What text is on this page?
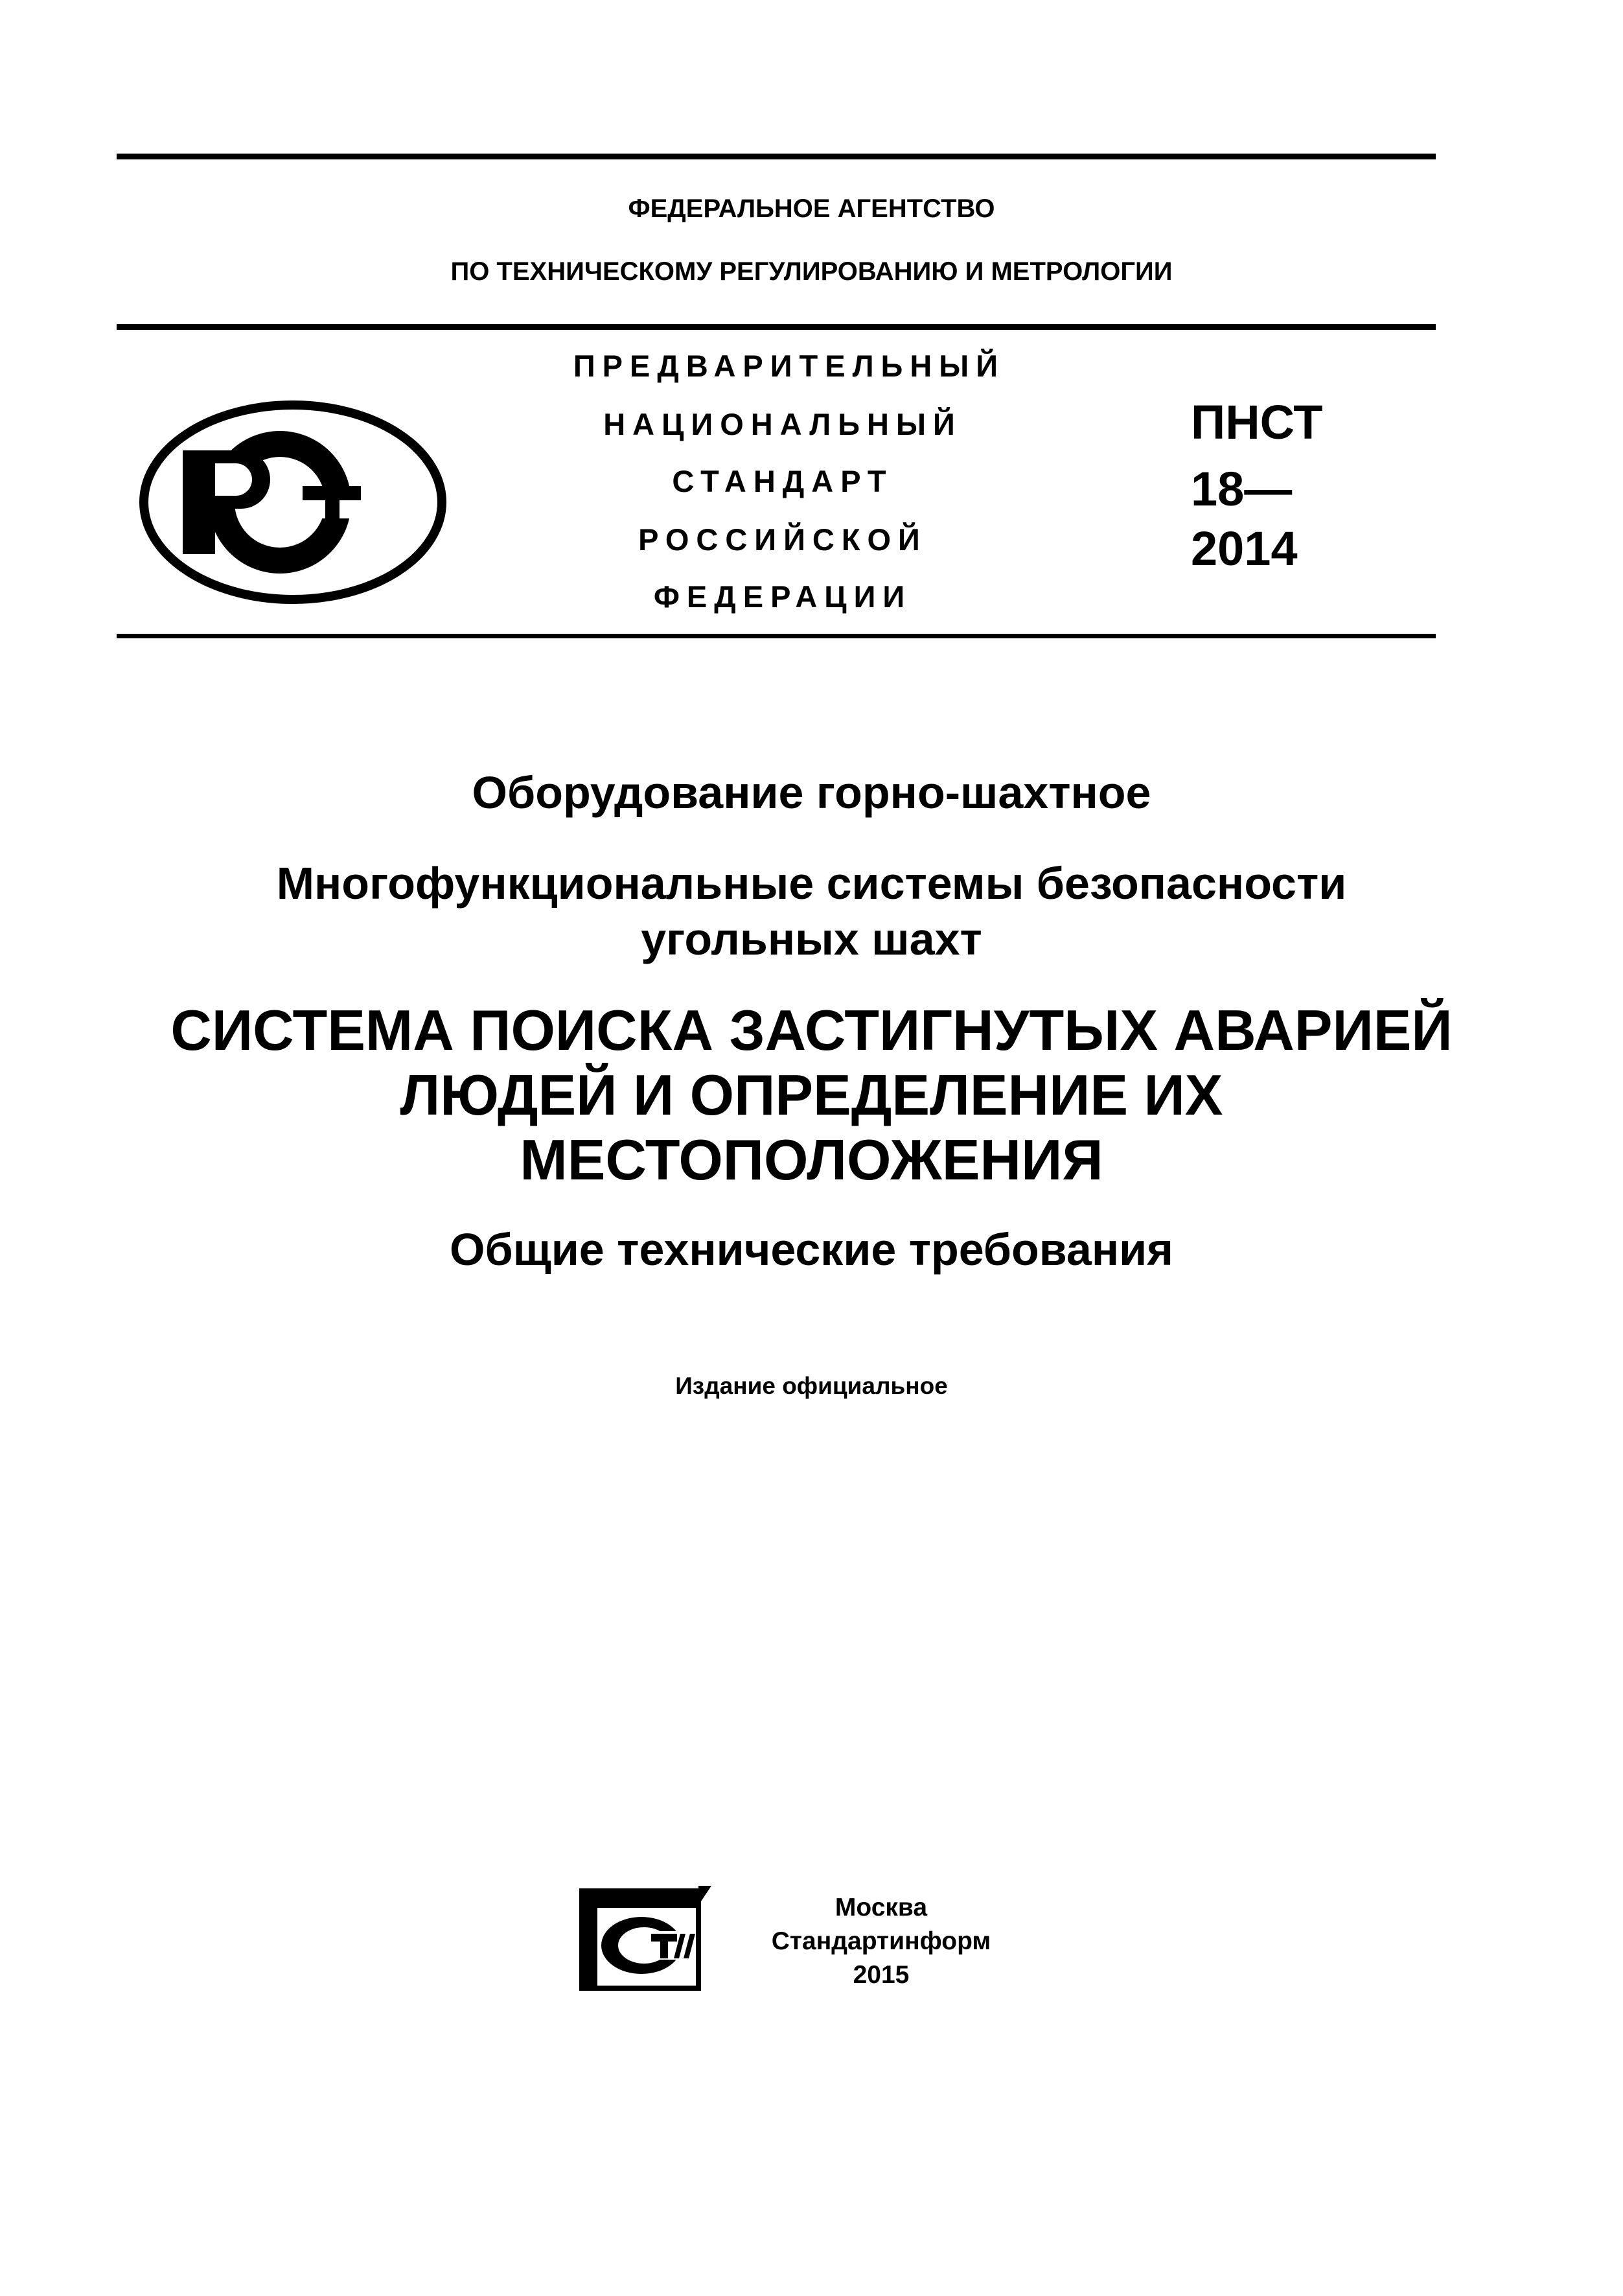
ФЕДЕРАЛЬНОЕ АГЕНТСТВО
ПО ТЕХНИЧЕСКОМУ РЕГУЛИРОВАНИЮ И МЕТРОЛОГИИ
ПРЕДВАРИТЕЛЬНЫЙ
НАЦИОНАЛЬНЫЙ
СТАНДАРТ
РОССИЙСКОЙ
ФЕДЕРАЦИИ
ПНСТ
18—
2014
Оборудование горно-шахтное
Многофункциональные системы безопасности
угольных шахт
СИСТЕМА ПОИСКА ЗАСТИГНУТЫХ АВАРИЕЙ
ЛЮДЕЙ И ОПРЕДЕЛЕНИЕ ИХ
МЕСТОПОЛОЖЕНИЯ
Общие технические требования
Издание официальное
Москва
Стандартинформ
2015
